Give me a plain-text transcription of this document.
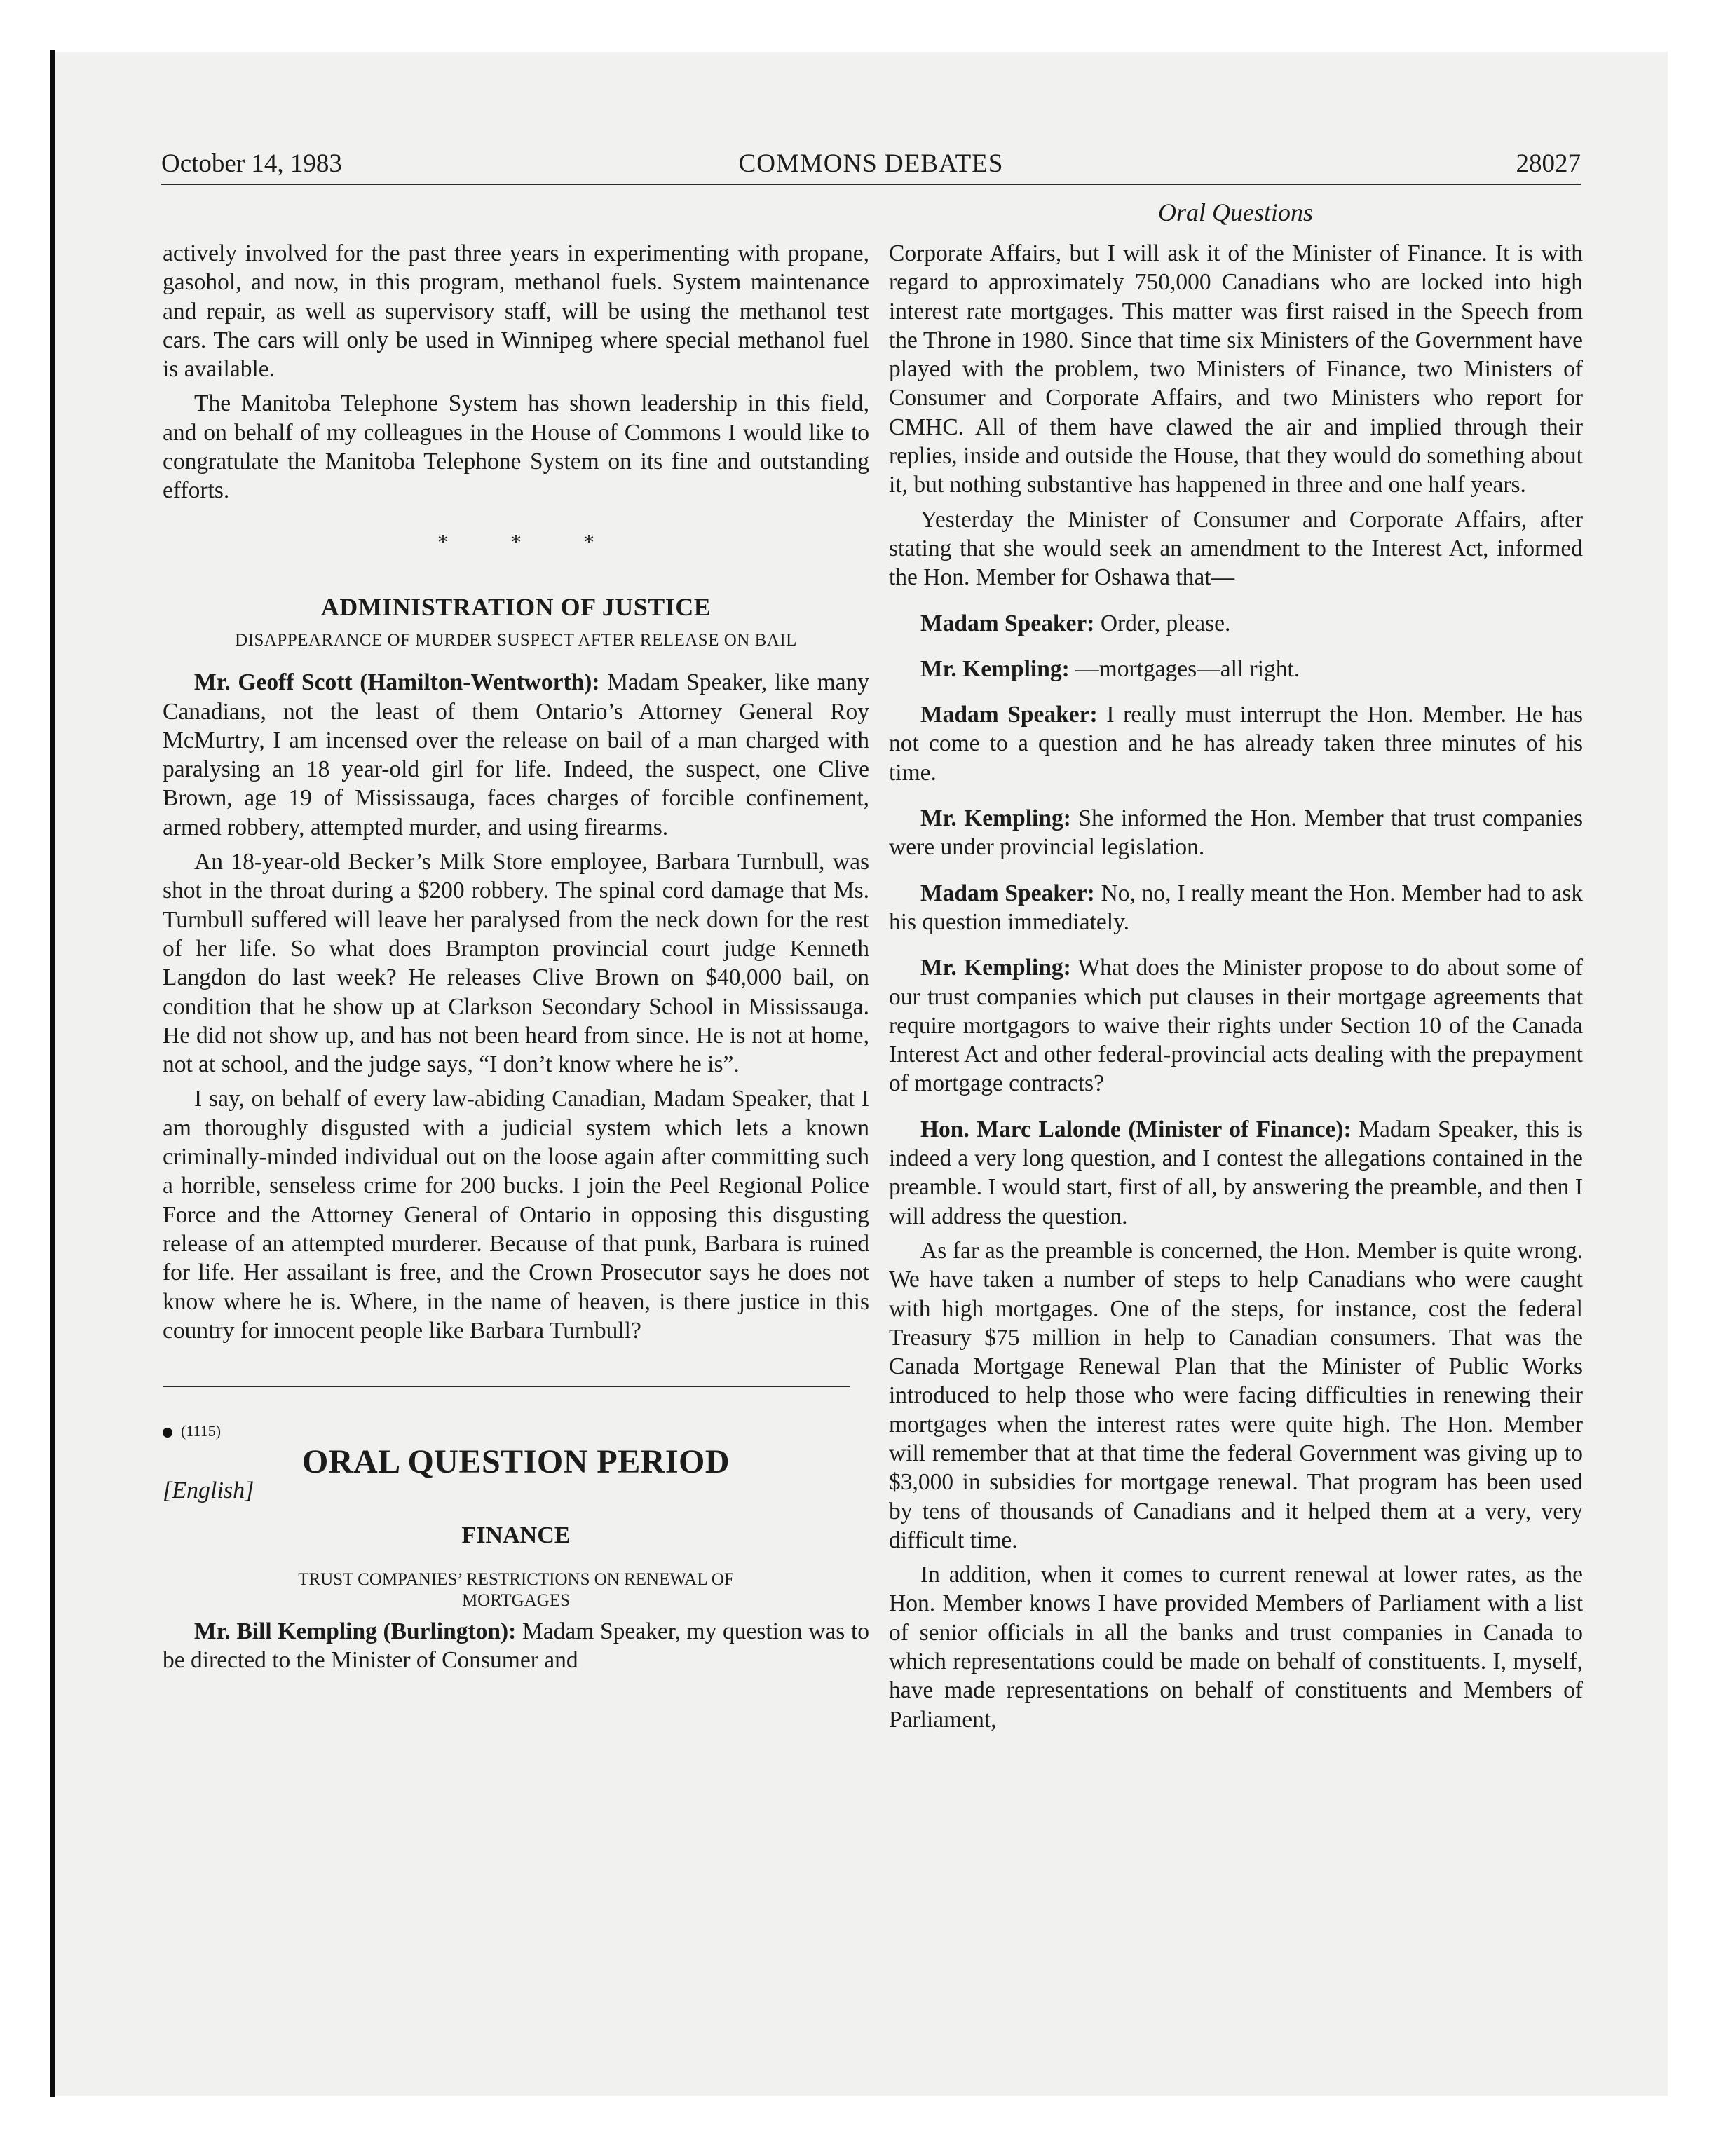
October 14, 1983	COMMONS DEBATES	28027
Oral Questions

actively involved for the past three years in experimenting with propane, gasohol, and now, in this program, methanol fuels. System maintenance and repair, as well as supervisory staff, will be using the methanol test cars. The cars will only be used in Winnipeg where special methanol fuel is available.

The Manitoba Telephone System has shown leadership in this field, and on behalf of my colleagues in the House of Commons I would like to congratulate the Manitoba Telephone System on its fine and outstanding efforts.

* * *
ADMINISTRATION OF JUSTICE
DISAPPEARANCE OF MURDER SUSPECT AFTER RELEASE ON BAIL

Mr. Geoff Scott (Hamilton-Wentworth): Madam Speaker, like many Canadians, not the least of them Ontario’s Attorney General Roy McMurtry, I am incensed over the release on bail of a man charged with paralysing an 18 year-old girl for life. Indeed, the suspect, one Clive Brown, age 19 of Mississauga, faces charges of forcible confinement, armed robbery, attempted murder, and using firearms.

An 18-year-old Becker’s Milk Store employee, Barbara Turnbull, was shot in the throat during a $200 robbery. The spinal cord damage that Ms. Turnbull suffered will leave her paralysed from the neck down for the rest of her life. So what does Brampton provincial court judge Kenneth Langdon do last week? He releases Clive Brown on $40,000 bail, on condition that he show up at Clarkson Secondary School in Mississauga. He did not show up, and has not been heard from since. He is not at home, not at school, and the judge says, “I don’t know where he is”.

I say, on behalf of every law-abiding Canadian, Madam Speaker, that I am thoroughly disgusted with a judicial system which lets a known criminally-minded individual out on the loose again after committing such a horrible, senseless crime for 200 bucks. I join the Peel Regional Police Force and the Attorney General of Ontario in opposing this disgusting release of an attempted murderer. Because of that punk, Barbara is ruined for life. Her assailant is free, and the Crown Prosecutor says he does not know where he is. Where, in the name of heaven, is there justice in this country for innocent people like Barbara Turnbull?

(1115)
ORAL QUESTION PERIOD

[English]

FINANCE
TRUST COMPANIES’ RESTRICTIONS ON RENEWAL OF MORTGAGES

Mr. Bill Kempling (Burlington): Madam Speaker, my question was to be directed to the Minister of Consumer and

Corporate Affairs, but I will ask it of the Minister of Finance. It is with regard to approximately 750,000 Canadians who are locked into high interest rate mortgages. This matter was first raised in the Speech from the Throne in 1980. Since that time six Ministers of the Government have played with the problem, two Ministers of Finance, two Ministers of Consumer and Corporate Affairs, and two Ministers who report for CMHC. All of them have clawed the air and implied through their replies, inside and outside the House, that they would do something about it, but nothing substantive has happened in three and one half years.

Yesterday the Minister of Consumer and Corporate Affairs, after stating that she would seek an amendment to the Interest Act, informed the Hon. Member for Oshawa that—

Madam Speaker: Order, please.

Mr. Kempling: —mortgages—all right.

Madam Speaker: I really must interrupt the Hon. Member. He has not come to a question and he has already taken three minutes of his time.

Mr. Kempling: She informed the Hon. Member that trust companies were under provincial legislation.

Madam Speaker: No, no, I really meant the Hon. Member had to ask his question immediately.

Mr. Kempling: What does the Minister propose to do about some of our trust companies which put clauses in their mortgage agreements that require mortgagors to waive their rights under Section 10 of the Canada Interest Act and other federal-provincial acts dealing with the prepayment of mortgage contracts?

Hon. Marc Lalonde (Minister of Finance): Madam Speaker, this is indeed a very long question, and I contest the allegations contained in the preamble. I would start, first of all, by answering the preamble, and then I will address the question.

As far as the preamble is concerned, the Hon. Member is quite wrong. We have taken a number of steps to help Canadians who were caught with high mortgages. One of the steps, for instance, cost the federal Treasury $75 million in help to Canadian consumers. That was the Canada Mortgage Renewal Plan that the Minister of Public Works introduced to help those who were facing difficulties in renewing their mortgages when the interest rates were quite high. The Hon. Member will remember that at that time the federal Government was giving up to $3,000 in subsidies for mortgage renewal. That program has been used by tens of thousands of Canadians and it helped them at a very, very difficult time.

In addition, when it comes to current renewal at lower rates, as the Hon. Member knows I have provided Members of Parliament with a list of senior officials in all the banks and trust companies in Canada to which representations could be made on behalf of constituents. I, myself, have made representations on behalf of constituents and Members of Parliament,
